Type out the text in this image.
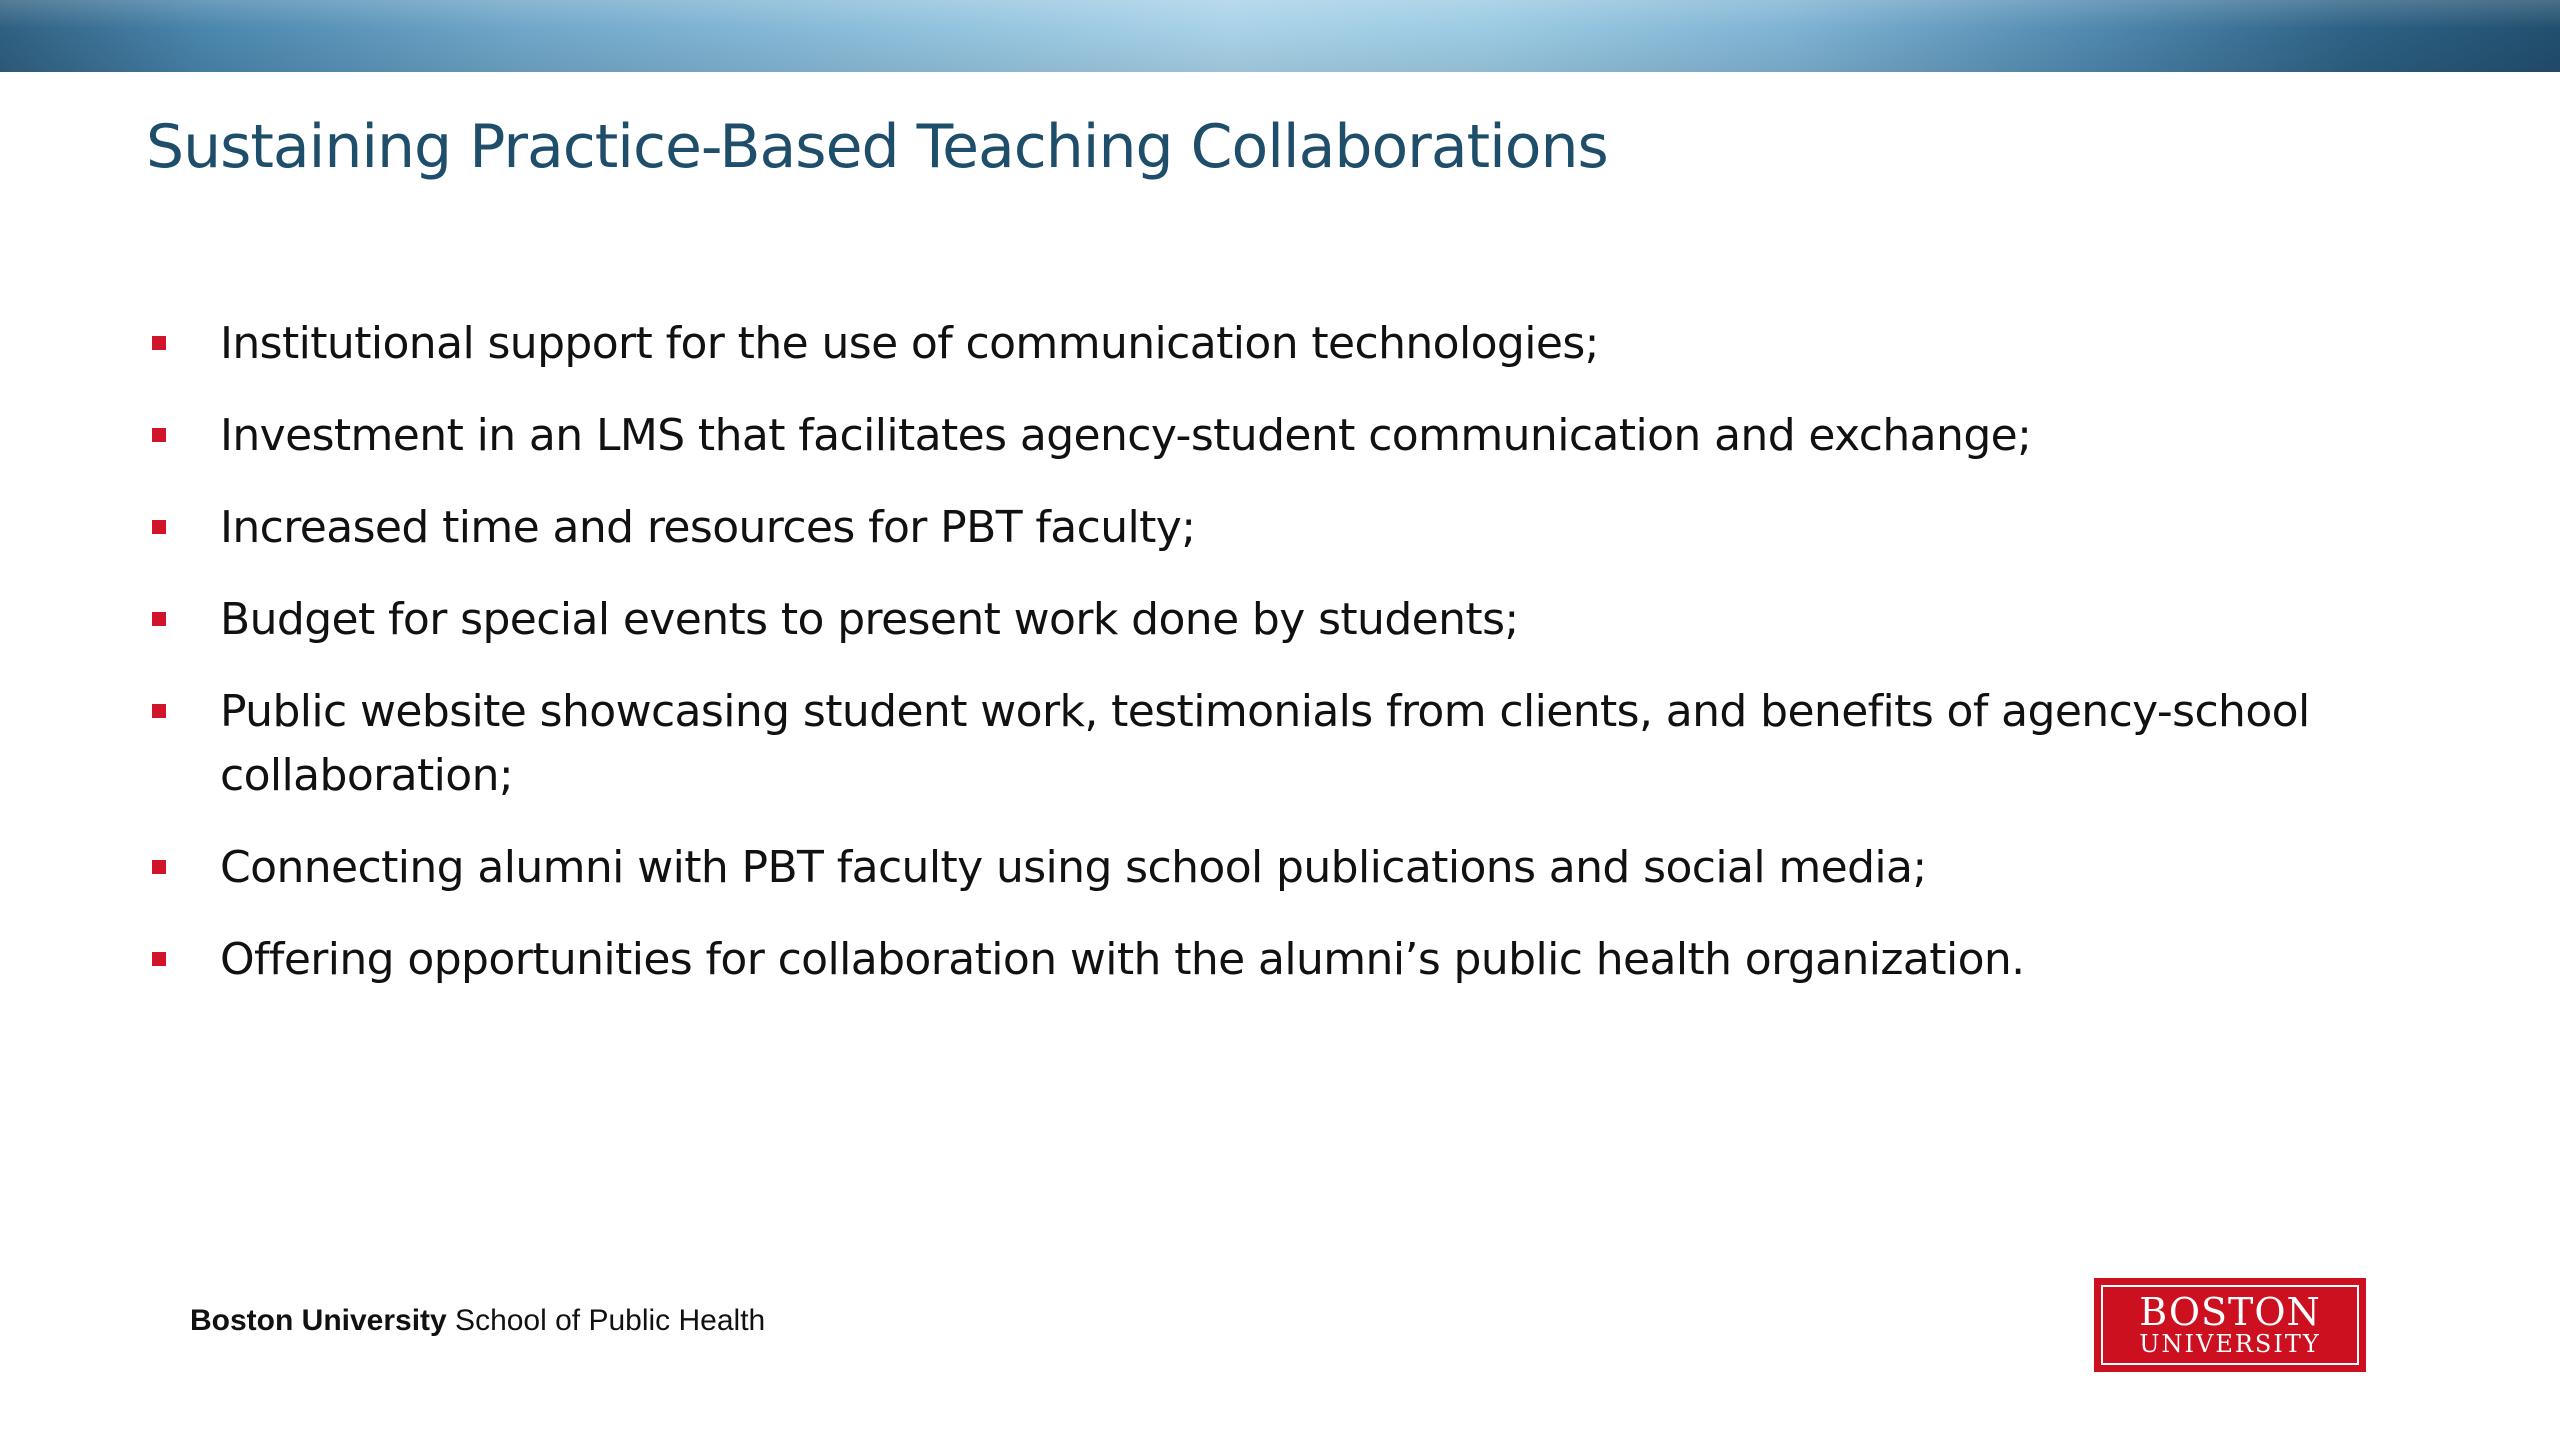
Sustaining Practice-Based Teaching Collaborations
Institutional support for the use of communication technologies;
Investment in an LMS that facilitates agency-student communication and exchange;
Increased time and resources for PBT faculty;
Budget for special events to present work done by students;
Public website showcasing student work, testimonials from clients, and benefits of agency-school collaboration;
Connecting alumni with PBT faculty using school publications and social media;
Offering opportunities for collaboration with the alumni’s public health organization.
Boston University School of Public Health	BOSTON
UNIVERSITY
